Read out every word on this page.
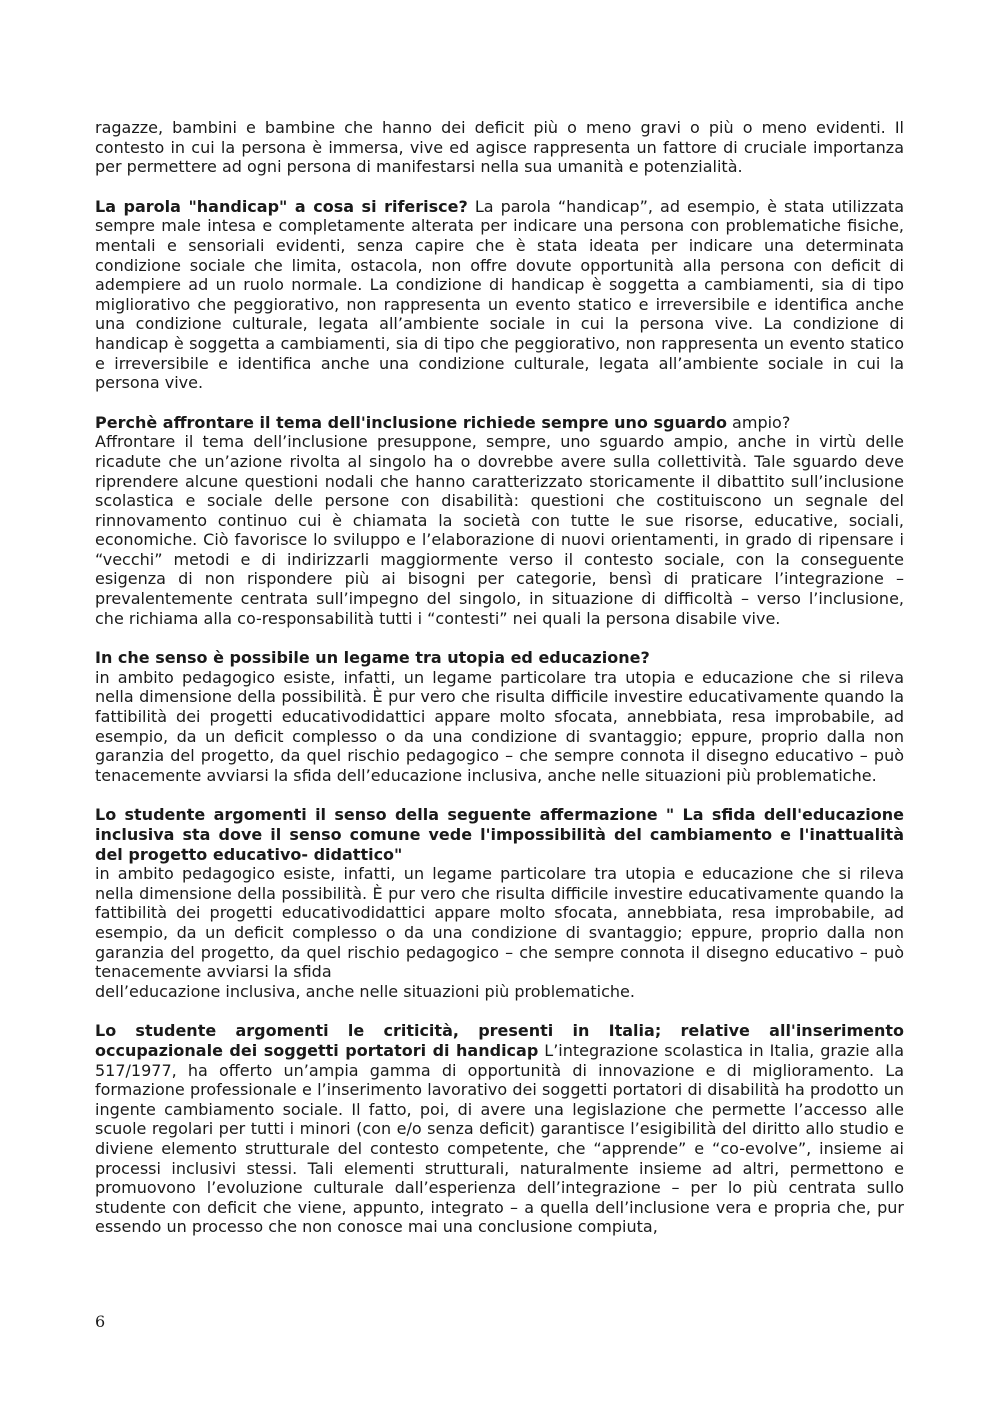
ragazze, bambini e bambine che hanno dei deficit più o meno gravi o più o meno evidenti. Il contesto in cui la persona è immersa, vive ed agisce rappresenta un fattore di cruciale importanza per permettere ad ogni persona di manifestarsi nella sua umanità e potenzialità.

La parola "handicap" a cosa si riferisce? La parola “handicap”, ad esempio, è stata utilizzata sempre male intesa e completamente alterata per indicare una persona con problematiche fisiche, mentali e sensoriali evidenti, senza capire che è stata ideata per indicare una determinata condizione sociale che limita, ostacola, non offre dovute opportunità alla persona con deficit di adempiere ad un ruolo normale. La condizione di handicap è soggetta a cambiamenti, sia di tipo migliorativo che peggiorativo, non rappresenta un evento statico e irreversibile e identifica anche una condizione culturale, legata all’ambiente sociale in cui la persona vive. La condizione di handicap è soggetta a cambiamenti, sia di tipo che peggiorativo, non rappresenta un evento statico e irreversibile e identifica anche una condizione culturale, legata all’ambiente sociale in cui la persona vive.

Perchè affrontare il tema dell'inclusione richiede sempre uno sguardo ampio?

Affrontare il tema dell’inclusione presuppone, sempre, uno sguardo ampio, anche in virtù delle ricadute che un’azione rivolta al singolo ha o dovrebbe avere sulla collettività. Tale sguardo deve riprendere alcune questioni nodali che hanno caratterizzato storicamente il dibattito sull’inclusione scolastica e sociale delle persone con disabilità: questioni che costituiscono un segnale del rinnovamento continuo cui è chiamata la società con tutte le sue risorse, educative, sociali, economiche. Ciò favorisce lo sviluppo e l’elaborazione di nuovi orientamenti, in grado di ripensare i “vecchi” metodi e di indirizzarli maggiormente verso il contesto sociale, con la conseguente esigenza di non rispondere più ai bisogni per categorie, bensì di praticare l’integrazione – prevalentemente centrata sull’impegno del singolo, in situazione di difficoltà – verso l’inclusione, che richiama alla co-responsabilità tutti i “contesti” nei quali la persona disabile vive.

In che senso è possibile un legame tra utopia ed educazione?

in ambito pedagogico esiste, infatti, un legame particolare tra utopia e educazione che si rileva nella dimensione della possibilità. È pur vero che risulta difficile investire educativamente quando la fattibilità dei progetti educativodidattici appare molto sfocata, annebbiata, resa improbabile, ad esempio, da un deficit complesso o da una condizione di svantaggio; eppure, proprio dalla non garanzia del progetto, da quel rischio pedagogico – che sempre connota il disegno educativo – può tenacemente avviarsi la sfida dell’educazione inclusiva, anche nelle situazioni più problematiche.

Lo studente argomenti il senso della seguente affermazione " La sfida dell'educazione inclusiva sta dove il senso comune vede l'impossibilità del cambiamento e l'inattualità del progetto educativo- didattico"

in ambito pedagogico esiste, infatti, un legame particolare tra utopia e educazione che si rileva nella dimensione della possibilità. È pur vero che risulta difficile investire educativamente quando la fattibilità dei progetti educativodidattici appare molto sfocata, annebbiata, resa improbabile, ad esempio, da un deficit complesso o da una condizione di svantaggio; eppure, proprio dalla non garanzia del progetto, da quel rischio pedagogico – che sempre connota il disegno educativo – può tenacemente avviarsi la sfida

dell’educazione inclusiva, anche nelle situazioni più problematiche.

Lo studente argomenti le criticità, presenti in Italia; relative all'inserimento occupazionale dei soggetti portatori di handicap L’integrazione scolastica in Italia, grazie alla 517/1977, ha offerto un’ampia gamma di opportunità di innovazione e di miglioramento. La formazione professionale e l’inserimento lavorativo dei soggetti portatori di disabilità ha prodotto un ingente cambiamento sociale. Il fatto, poi, di avere una legislazione che permette l’accesso alle scuole regolari per tutti i minori (con e/o senza deficit) garantisce l’esigibilità del diritto allo studio e diviene elemento strutturale del contesto competente, che “apprende” e “co-evolve”, insieme ai processi inclusivi stessi. Tali elementi strutturali, naturalmente insieme ad altri, permettono e promuovono l’evoluzione culturale dall’esperienza dell’integrazione – per lo più centrata sullo studente con deficit che viene, appunto, integrato – a quella dell’inclusione vera e propria che, pur essendo un processo che non conosce mai una conclusione compiuta,

6
